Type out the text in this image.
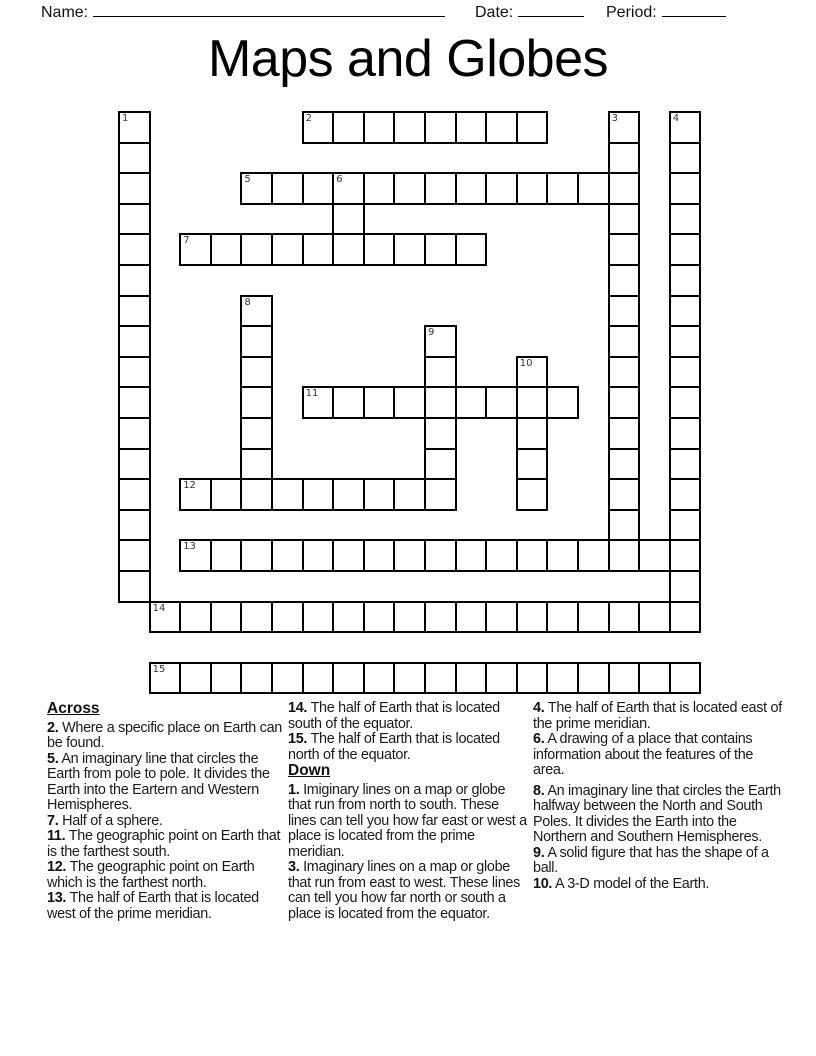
Name:	Date:	Period:
Maps and Globes
2
5	6
7
11
12
13
14
15
1	3	4
8
9
10

Across

2. Where a specific place on Earth can be found.

5. An imaginary line that circles the Earth from pole to pole. It divides the Earth into the Eartern and Western Hemispheres.

7. Half of a sphere.

11. The geographic point on Earth that is the farthest south.

12. The geographic point on Earth which is the farthest north.

13. The half of Earth that is located west of the prime meridian.

14. The half of Earth that is located south of the equator.

15. The half of Earth that is located north of the equator.

Down

1. Imiginary lines on a map or globe that run from north to south. These lines can tell you how far east or west a place is located from the prime meridian.

3. Imaginary lines on a map or globe that run from east to west. These lines can tell you how far north or south a place is located from the equator.

4. The half of Earth that is located east of the prime meridian.

6. A drawing of a place that contains information about the features of the area.

8. An imaginary line that circles the Earth halfway between the North and South Poles. It divides the Earth into the Northern and Southern Hemispheres.

9. A solid figure that has the shape of a ball.

10. A 3-D model of the Earth.
